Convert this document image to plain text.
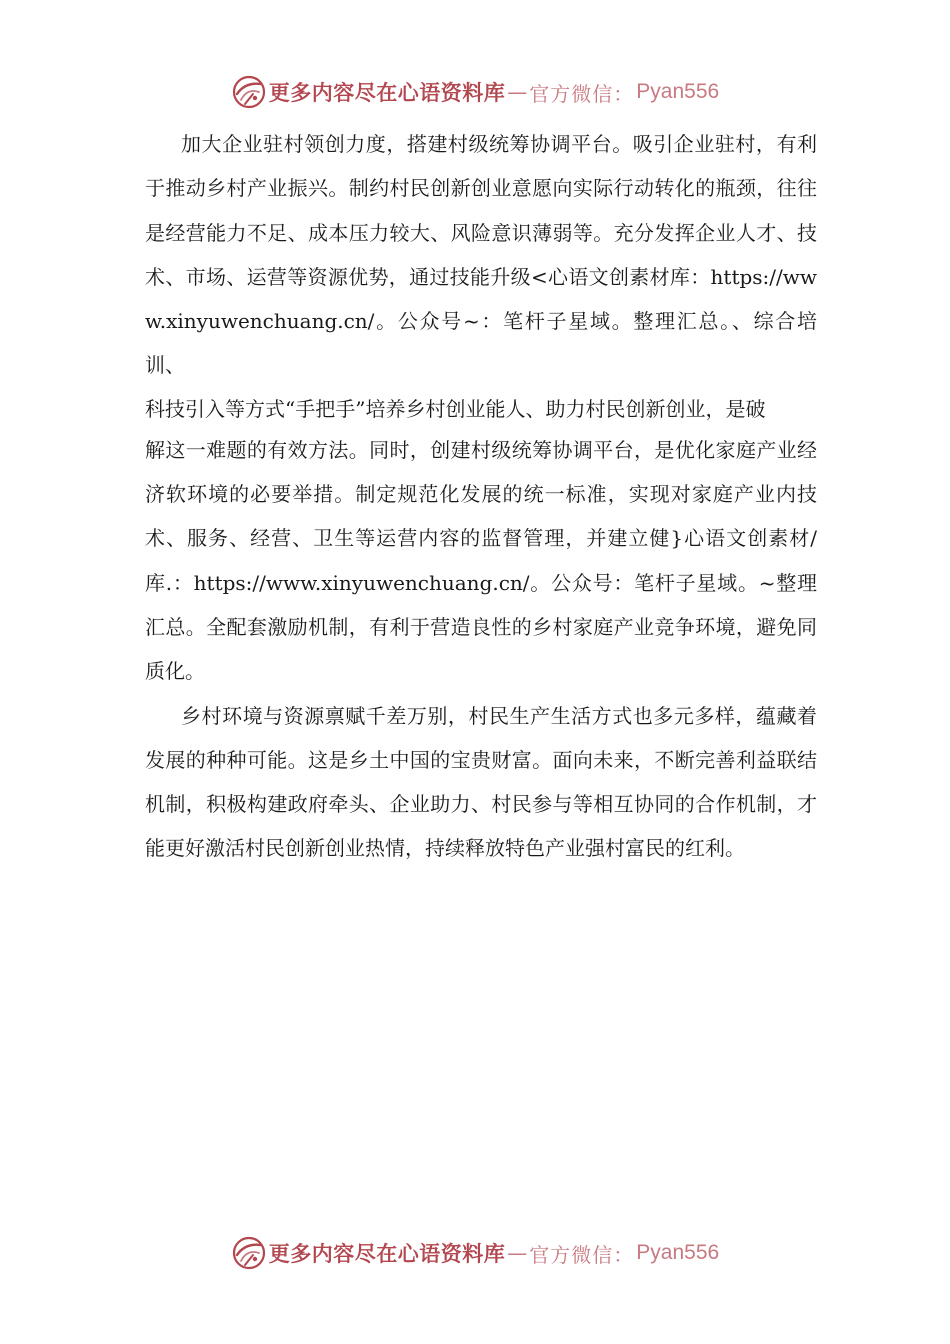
更多内容尽在心语资料库 — 官方微信： Pyan556

加大企业驻村领创力度，搭建村级统筹协调平台。吸引企业驻村，有利于推动乡村产业振兴。制约村民创新创业意愿向实际行动转化的瓶颈，往往是经营能力不足、成本压力较大、风险意识薄弱等。充分发挥企业人才、技术、市场、运营等资源优势，通过技能升级<心语文创素材库：https://www.xinyuwenchuang.cn/。公众号~：笔杆子星域。整理汇总。、综合培训、

科技引入等方式“手把手”培养乡村创业能人、助力村民创新创业，是破

解这一难题的有效方法。同时，创建村级统筹协调平台，是优化家庭产业经济软环境的必要举措。制定规范化发展的统一标准，实现对家庭产业内技术、服务、经营、卫生等运营内容的监督管理，并建立健}心语文创素材/库.：https://www.xinyuwenchuang.cn/。公众号：笔杆子星域。~整理汇总。全配套激励机制，有利于营造良性的乡村家庭产业竞争环境，避免同质化。

乡村环境与资源禀赋千差万别，村民生产生活方式也多元多样，蕴藏着发展的种种可能。这是乡土中国的宝贵财富。面向未来，不断完善利益联结机制，积极构建政府牵头、企业助力、村民参与等相互协同的合作机制，才能更好激活村民创新创业热情，持续释放特色产业强村富民的红利。

更多内容尽在心语资料库 — 官方微信： Pyan556
